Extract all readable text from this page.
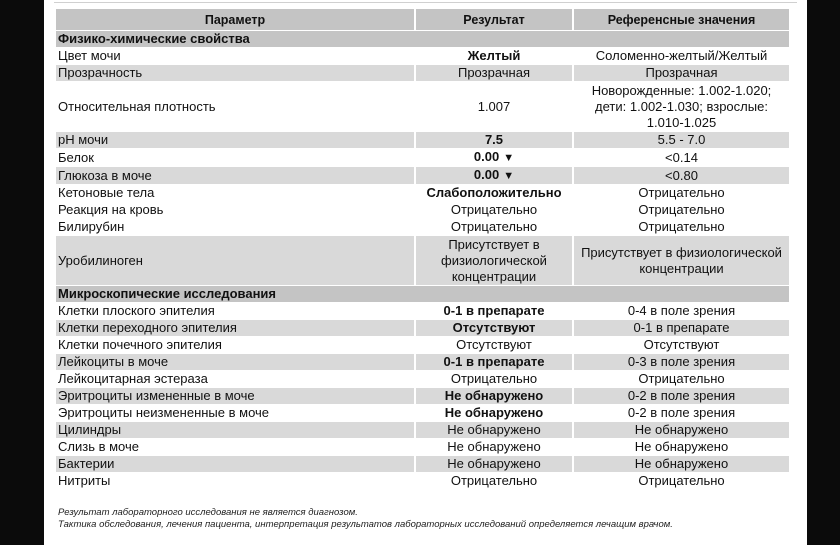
Параметр	Результат	Референсные значения
Физико-химические свойства		
Цвет мочи	Желтый	Соломенно-желтый/Желтый
Прозрачность	Прозрачная	Прозрачная
Относительная плотность	1.007	Новорожденные: 1.002-1.020; дети: 1.002-1.030; взрослые: 1.010-1.025
pH мочи	7.5	5.5 - 7.0
Белок	0.00 ▼	<0.14
Глюкоза в моче	0.00 ▼	<0.80
Кетоновые тела	Слабоположительно	Отрицательно
Реакция на кровь	Отрицательно	Отрицательно
Билирубин	Отрицательно	Отрицательно
Уробилиноген	Присутствует в физиологической концентрации	Присутствует в физиологической концентрации
Микроскопические исследования		
Клетки плоского эпителия	0-1 в препарате	0-4 в поле зрения
Клетки переходного эпителия	Отсутствуют	0-1 в препарате
Клетки почечного эпителия	Отсутствуют	Отсутствуют
Лейкоциты в моче	0-1 в препарате	0-3 в поле зрения
Лейкоцитарная эстераза	Отрицательно	Отрицательно
Эритроциты измененные в моче	Не обнаружено	0-2 в поле зрения
Эритроциты неизмененные в моче	Не обнаружено	0-2 в поле зрения
Цилиндры	Не обнаружено	Не обнаружено
Слизь в моче	Не обнаружено	Не обнаружено
Бактерии	Не обнаружено	Не обнаружено
Нитриты	Отрицательно	Отрицательно
Результат лабораторного исследования не является диагнозом.
Тактика обследования, лечения пациента, интерпретация результатов лабораторных исследований определяется лечащим врачом.
